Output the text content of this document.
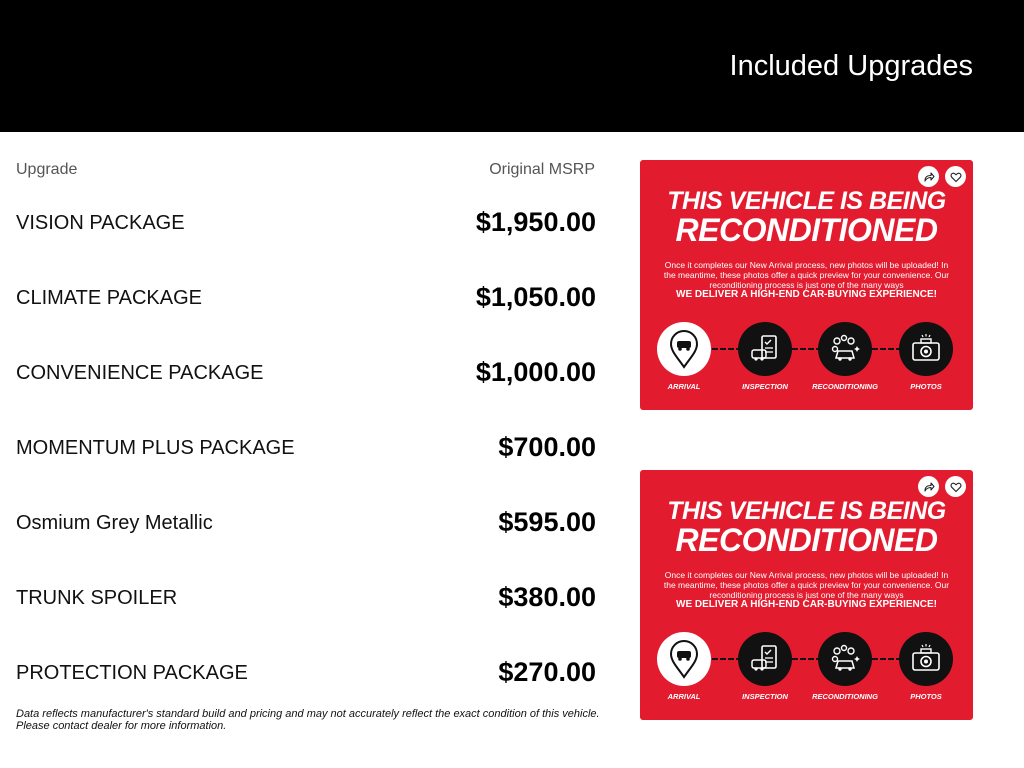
Included Upgrades
Upgrade	Original MSRP
VISION PACKAGE	$1,950.00
CLIMATE PACKAGE	$1,050.00
CONVENIENCE PACKAGE	$1,000.00
MOMENTUM PLUS PACKAGE	$700.00
Osmium Grey Metallic	$595.00
TRUNK SPOILER	$380.00
PROTECTION PACKAGE	$270.00
Data reflects manufacturer's standard build and pricing and may not accurately reflect the exact condition of this vehicle.
Please contact dealer for more information.
THIS VEHICLE IS BEING
RECONDITIONED
Once it completes our New Arrival process, new photos will be uploaded! In the meantime, these photos offer a quick preview for your convenience. Our reconditioning process is just one of the many ways
WE DELIVER A HIGH-END CAR-BUYING EXPERIENCE!
ARRIVAL	INSPECTION	RECONDITIONING	PHOTOS
THIS VEHICLE IS BEING
RECONDITIONED
Once it completes our New Arrival process, new photos will be uploaded! In the meantime, these photos offer a quick preview for your convenience. Our reconditioning process is just one of the many ways
WE DELIVER A HIGH-END CAR-BUYING EXPERIENCE!
ARRIVAL	INSPECTION	RECONDITIONING	PHOTOS
